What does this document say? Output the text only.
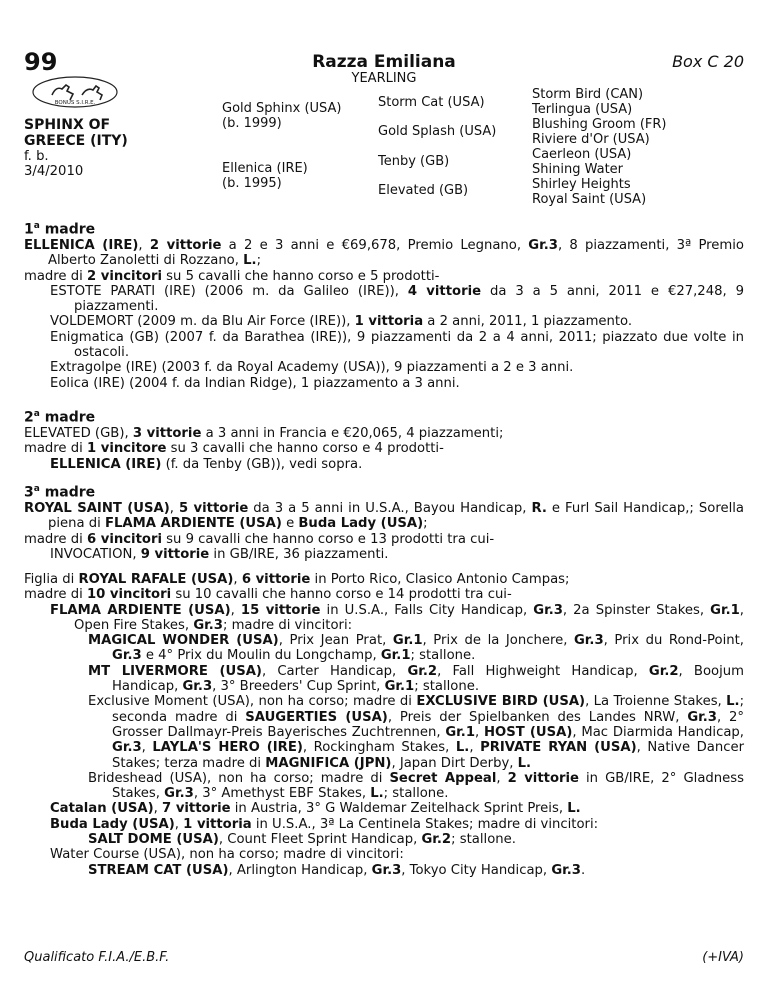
99	Razza Emiliana	Box C 20
YEARLING
BONUS S.I.R.E.
SPHINX OF
GREECE (ITY)
f. b.
3/4/2010
Gold Sphinx (USA)
(b. 1999)
Ellenica (IRE)
(b. 1995)
Storm Cat (USA)
Gold Splash (USA)
Tenby (GB)
Elevated (GB)
Storm Bird (CAN)
Terlingua (USA)
Blushing Groom (FR)
Riviere d'Or (USA)
Caerleon (USA)
Shining Water
Shirley Heights
Royal Saint (USA)

1$^a$ madre

ELLENICA (IRE), 2 vittorie a 2 e 3 anni e €69,678, Premio Legnano, Gr.3, 8 piazzamenti, 3ª Premio Alberto Zanoletti di Rozzano, L.;

madre di 2 vincitori su 5 cavalli che hanno corso e 5 prodotti-

ESTOTE PARATI (IRE) (2006 m. da Galileo (IRE)), 4 vittorie da 3 a 5 anni, 2011 e €27,248, 9 piazzamenti.

VOLDEMORT (2009 m. da Blu Air Force (IRE)), 1 vittoria a 2 anni, 2011, 1 piazzamento.

Enigmatica (GB) (2007 f. da Barathea (IRE)), 9 piazzamenti da 2 a 4 anni, 2011; piazzato due volte in ostacoli.

Extragolpe (IRE) (2003 f. da Royal Academy (USA)), 9 piazzamenti a 2 e 3 anni.

Eolica (IRE) (2004 f. da Indian Ridge), 1 piazzamento a 3 anni.

2$^a$ madre

ELEVATED (GB), 3 vittorie a 3 anni in Francia e €20,065, 4 piazzamenti;

madre di 1 vincitore su 3 cavalli che hanno corso e 4 prodotti-

ELLENICA (IRE) (f. da Tenby (GB)), vedi sopra.

3$^a$ madre

ROYAL SAINT (USA), 5 vittorie da 3 a 5 anni in U.S.A., Bayou Handicap, R. e Furl Sail Handicap,; Sorella piena di FLAMA ARDIENTE (USA) e Buda Lady (USA);

madre di 6 vincitori su 9 cavalli che hanno corso e 13 prodotti tra cui-

INVOCATION, 9 vittorie in GB/IRE, 36 piazzamenti.

Figlia di ROYAL RAFALE (USA), 6 vittorie in Porto Rico, Clasico Antonio Campas;

madre di 10 vincitori su 10 cavalli che hanno corso e 14 prodotti tra cui-

FLAMA ARDIENTE (USA), 15 vittorie in U.S.A., Falls City Handicap, Gr.3, 2a Spinster Stakes, Gr.1, Open Fire Stakes, Gr.3; madre di vincitori:

MAGICAL WONDER (USA), Prix Jean Prat, Gr.1, Prix de la Jonchere, Gr.3, Prix du Rond-Point, Gr.3 e 4° Prix du Moulin du Longchamp, Gr.1; stallone.

MT LIVERMORE (USA), Carter Handicap, Gr.2, Fall Highweight Handicap, Gr.2, Boojum Handicap, Gr.3, 3° Breeders' Cup Sprint, Gr.1; stallone.

Exclusive Moment (USA), non ha corso; madre di EXCLUSIVE BIRD (USA), La Troienne Stakes, L.; seconda madre di SAUGERTIES (USA), Preis der Spielbanken des Landes NRW, Gr.3, 2° Grosser Dallmayr-Preis Bayerisches Zuchtrennen, Gr.1, HOST (USA), Mac Diarmida Handicap, Gr.3, LAYLA'S HERO (IRE), Rockingham Stakes, L., PRIVATE RYAN (USA), Native Dancer Stakes; terza madre di MAGNIFICA (JPN), Japan Dirt Derby, L.

Brideshead (USA), non ha corso; madre di Secret Appeal, 2 vittorie in GB/IRE, 2° Gladness Stakes, Gr.3, 3° Amethyst EBF Stakes, L.; stallone.

Catalan (USA), 7 vittorie in Austria, 3° G Waldemar Zeitelhack Sprint Preis, L.

Buda Lady (USA), 1 vittoria in U.S.A., 3ª La Centinela Stakes; madre di vincitori:

SALT DOME (USA), Count Fleet Sprint Handicap, Gr.2; stallone.

Water Course (USA), non ha corso; madre di vincitori:

STREAM CAT (USA), Arlington Handicap, Gr.3, Tokyo City Handicap, Gr.3.

Qualificato F.I.A./E.B.F.	(+IVA)
